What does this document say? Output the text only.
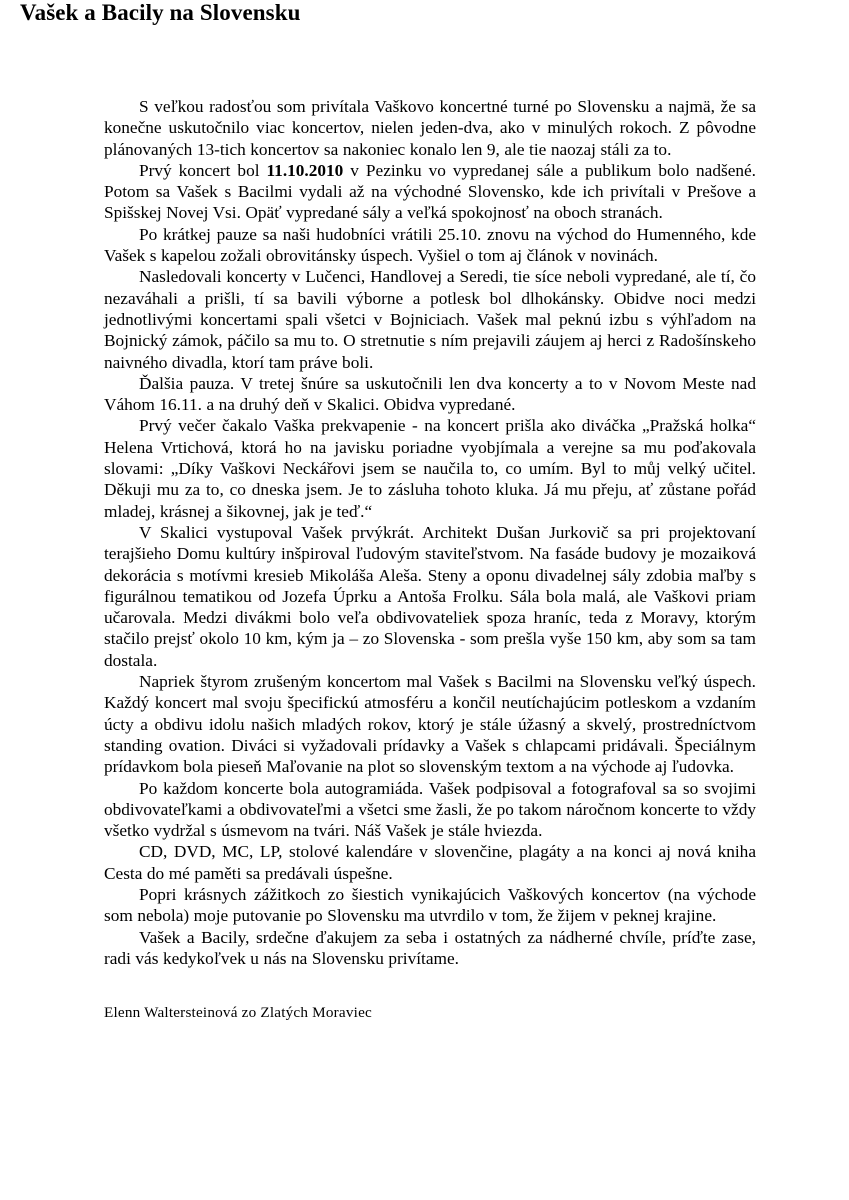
Vašek a Bacily na Slovensku

S veľkou radosťou som privítala Vaškovo koncertné turné po Slovensku a najmä, že sa konečne uskutočnilo viac koncertov, nielen jeden-dva, ako v minulých rokoch. Z pôvodne plánovaných 13-tich koncertov sa nakoniec konalo len 9, ale tie naozaj stáli za to.

Prvý koncert bol 11.10.2010 v Pezinku vo vypredanej sále a publikum bolo nadšené. Potom sa Vašek s Bacilmi vydali až na východné Slovensko, kde ich privítali v Prešove a Spišskej Novej Vsi. Opäť vypredané sály a veľká spokojnosť na oboch stranách.

Po krátkej pauze sa naši hudobníci vrátili 25.10. znovu na východ do Humenného, kde Vašek s kapelou zožali obrovitánsky úspech. Vyšiel o tom aj článok v novinách.

Nasledovali koncerty v Lučenci, Handlovej a Seredi, tie síce neboli vypredané, ale tí, čo nezaváhali a prišli, tí sa bavili výborne a potlesk bol dlhokánsky. Obidve noci medzi jednotlivými koncertami spali všetci v Bojniciach. Vašek mal peknú izbu s výhľadom na Bojnický zámok, páčilo sa mu to. O stretnutie s ním prejavili záujem aj herci z Radošínskeho naivného divadla, ktorí tam práve boli.

Ďalšia pauza. V tretej šnúre sa uskutočnili len dva koncerty a to v Novom Meste nad Váhom 16.11. a na druhý deň v Skalici. Obidva vypredané.

Prvý večer čakalo Vaška prekvapenie - na koncert prišla ako diváčka „Pražská holka“ Helena Vrtichová, ktorá ho na javisku poriadne vyobjímala a verejne sa mu poďakovala slovami: „Díky Vaškovi Neckářovi jsem se naučila to, co umím. Byl to můj velký učitel. Děkuji mu za to, co dneska jsem. Je to zásluha tohoto kluka. Já mu přeju, ať zůstane pořád mladej, krásnej a šikovnej, jak je teď.“

V Skalici vystupoval Vašek prvýkrát. Architekt Dušan Jurkovič sa pri projektovaní terajšieho Domu kultúry inšpiroval ľudovým staviteľstvom. Na fasáde budovy je mozaiková dekorácia s motívmi kresieb Mikoláša Aleša. Steny a oponu divadelnej sály zdobia maľby s figurálnou tematikou od Jozefa Úprku a Antoša Frolku. Sála bola malá, ale Vaškovi priam učarovala. Medzi divákmi bolo veľa obdivovateliek spoza hraníc, teda z Moravy, ktorým stačilo prejsť okolo 10 km, kým ja – zo Slovenska - som prešla vyše 150 km, aby som sa tam dostala.

Napriek štyrom zrušeným koncertom mal Vašek s Bacilmi na Slovensku veľký úspech. Každý koncert mal svoju špecifickú atmosféru a končil neutíchajúcim potleskom a vzdaním úcty a obdivu idolu našich mladých rokov, ktorý je stále úžasný a skvelý, prostredníctvom standing ovation. Diváci si vyžadovali prídavky a Vašek s chlapcami pridávali. Špeciálnym prídavkom bola pieseň Maľovanie na plot so slovenským textom a na východe aj ľudovka.

Po každom koncerte bola autogramiáda. Vašek podpisoval a fotografoval sa so svojimi obdivovateľkami a obdivovateľmi a všetci sme žasli, že po takom náročnom koncerte to vždy všetko vydržal s úsmevom na tvári. Náš Vašek je stále hviezda.

CD, DVD, MC, LP, stolové kalendáre v slovenčine, plagáty a na konci aj nová kniha Cesta do mé paměti sa predávali úspešne.

Popri krásnych zážitkoch zo šiestich vynikajúcich Vaškových koncertov (na východe som nebola) moje putovanie po Slovensku ma utvrdilo v tom, že žijem v peknej krajine.

Vašek a Bacily, srdečne ďakujem za seba i ostatných za nádherné chvíle, príďte zase, radi vás kedykoľvek u nás na Slovensku privítame.

Elenn Waltersteinová zo Zlatých Moraviec
